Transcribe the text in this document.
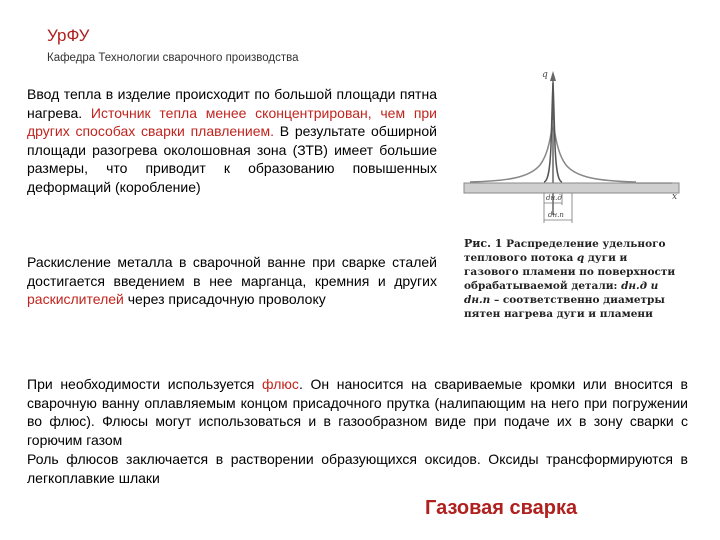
УрФУ
Кафедра Технологии сварочного производства
Ввод тепла в изделие происходит по большой площади пятна нагрева. Источник тепла менее сконцентрирован, чем при других способах сварки плавлением. В результате обширной площади разогрева околошовная зона (ЗТВ) имеет большие размеры, что приводит к образованию повышенных деформаций (коробление)
Раскисление металла в сварочной ванне при сварке сталей достигается введением в нее марганца, кремния и других раскислителей через присадочную проволоку
При необходимости используется флюс. Он наносится на свариваемые кромки или вносится в сварочную ванну оплавляемым концом присадочного прутка (налипающим на него при погружении во флюс). Флюсы могут использоваться и в газообразном виде при подаче их в зону сварки с горючим газом
Роль флюсов заключается в растворении образующихся оксидов. Оксиды трансформируются в легкоплавкие шлаки
q
x
dн.д
dн.п
Рис. 1 Распределение удельного теплового потока q дуги и газового пламени по поверхности обрабатываемой детали: dн.д и dн.п – соответственно диаметры пятен нагрева дуги и пламени
Газовая сварка
